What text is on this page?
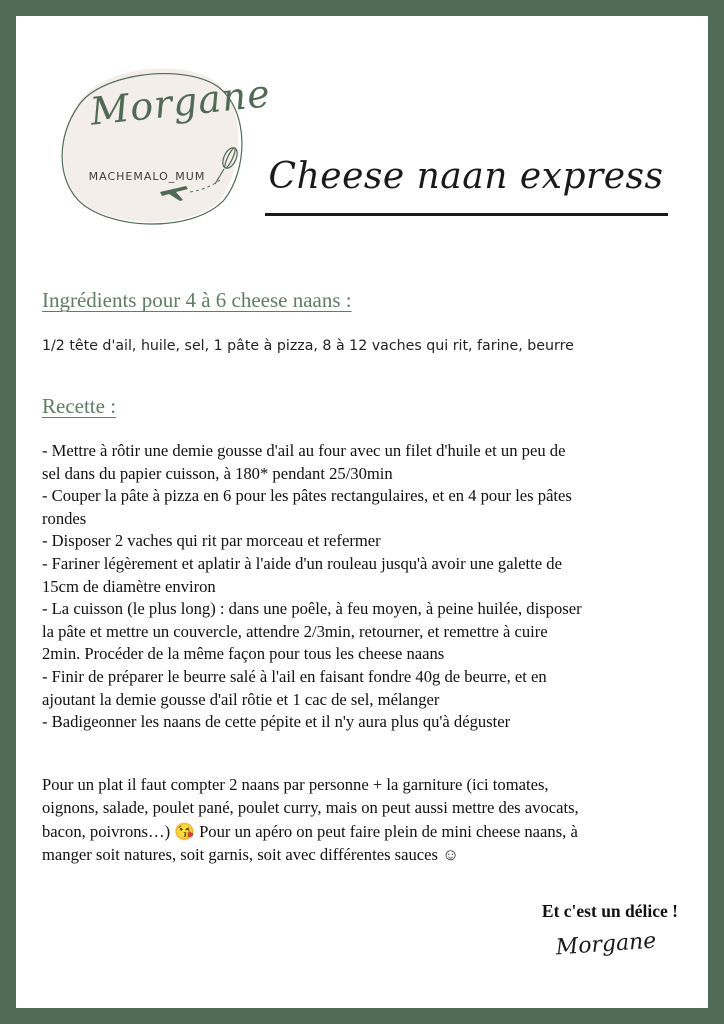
Morgane
MACHEMALO_MUM	Cheese naan express
Ingrédients pour 4 à 6 cheese naans :
1/2 tête d'ail, huile, sel, 1 pâte à pizza, 8 à 12 vaches qui rit, farine, beurre
Recette :
- Mettre à rôtir une demie gousse d'ail au four avec un filet d'huile et un peu de
sel dans du papier cuisson, à 180* pendant 25/30min
- Couper la pâte à pizza en 6 pour les pâtes rectangulaires, et en 4 pour les pâtes
rondes
- Disposer 2 vaches qui rit par morceau et refermer
- Fariner légèrement et aplatir à l'aide d'un rouleau jusqu'à avoir une galette de
15cm de diamètre environ
- La cuisson (le plus long) : dans une poêle, à feu moyen, à peine huilée, disposer
la pâte et mettre un couvercle, attendre 2/3min, retourner, et remettre à cuire
2min. Procéder de la même façon pour tous les cheese naans
- Finir de préparer le beurre salé à l'ail en faisant fondre 40g de beurre, et en
ajoutant la demie gousse d'ail rôtie et 1 cac de sel, mélanger
- Badigeonner les naans de cette pépite et il n'y aura plus qu'à déguster
Pour un plat il faut compter 2 naans par personne + la garniture (ici tomates,
oignons, salade, poulet pané, poulet curry, mais on peut aussi mettre des avocats,
bacon, poivrons…) 😘 Pour un apéro on peut faire plein de mini cheese naans, à
manger soit natures, soit garnis, soit avec différentes sauces ☺
Et c'est un délice !
Morgane
